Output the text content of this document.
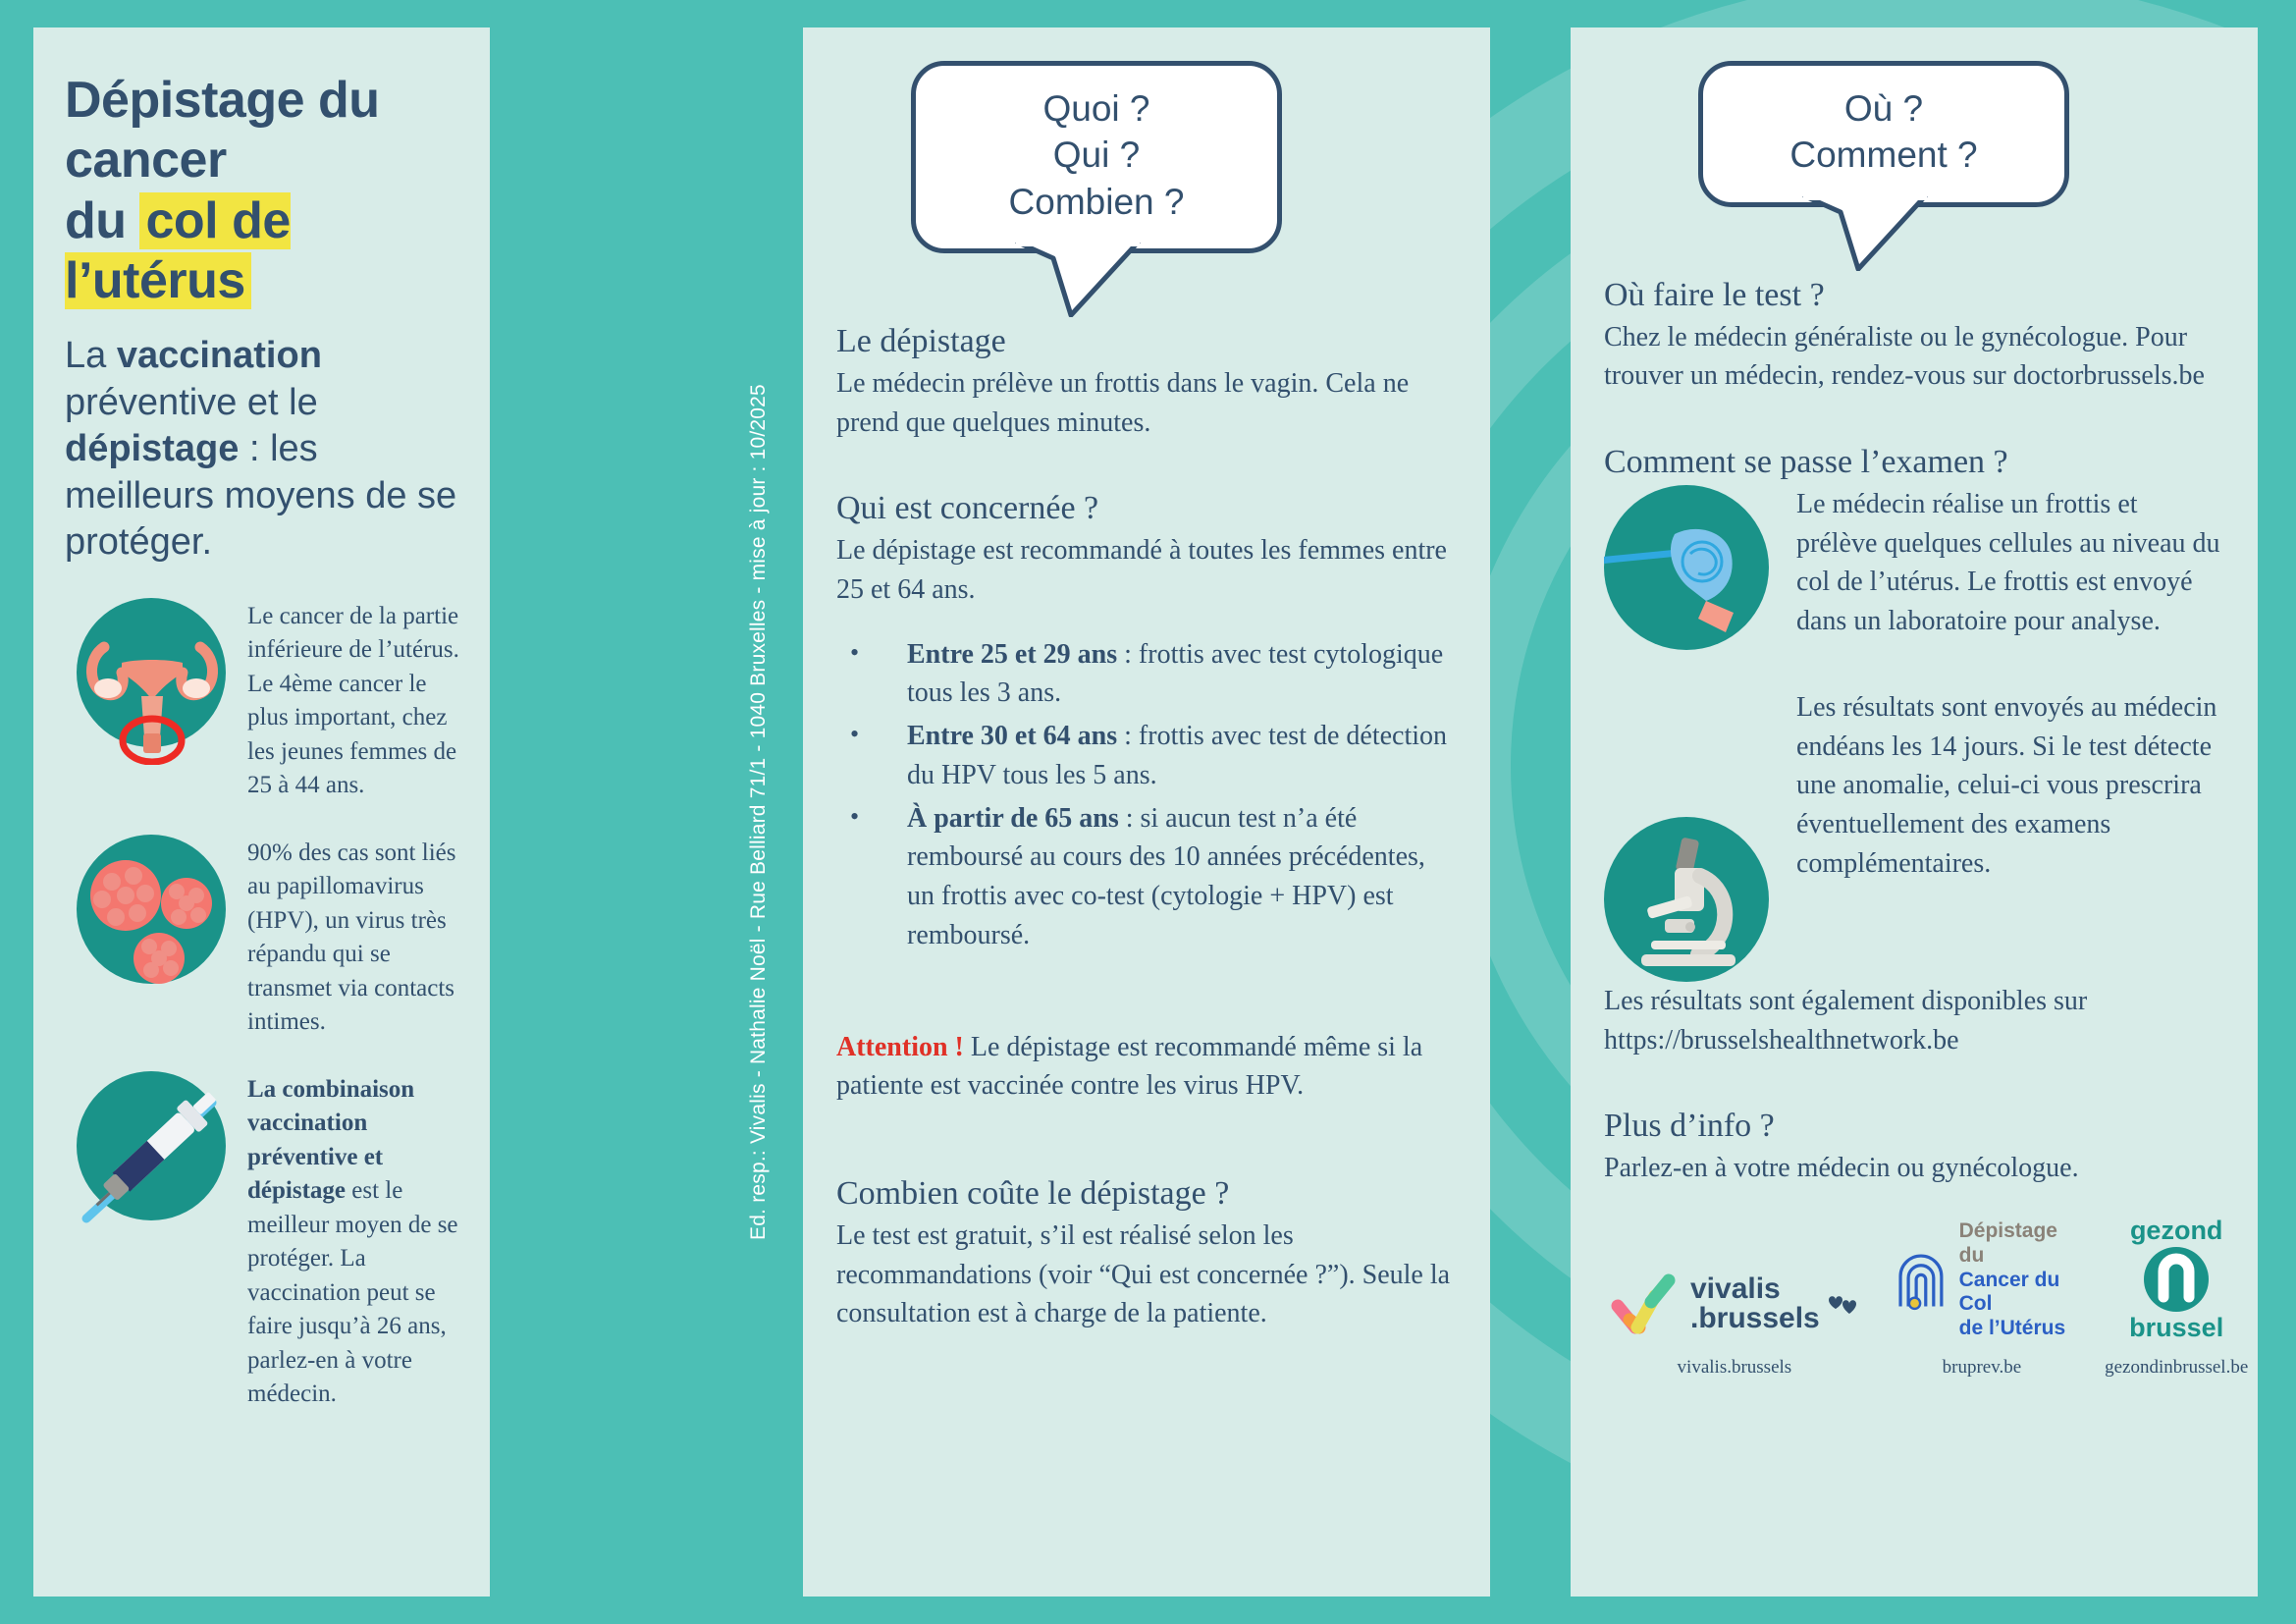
Dépistage du cancer
du col de l’utérus

La vaccination préventive et le dépistage : les meilleurs moyens de se protéger.

Le cancer de la partie inférieure de l’utérus. Le 4ème cancer le plus important, chez les jeunes femmes de 25 à 44 ans.
90% des cas sont liés au papillomavirus (HPV), un virus très répandu qui se transmet via contacts intimes.
La combinaison vaccination préventive et dépistage est le meilleur moyen de se protéger. La vaccination peut se faire jusqu’à 26 ans, parlez-en à votre médecin.
Ed. resp.: Vivalis - Nathalie Noël - Rue Belliard 71/1 - 1040 Bruxelles - mise à jour : 10/2025

Quoi ?

Qui ?

Combien ?

Le dépistage

Le médecin prélève un frottis dans le vagin. Cela ne prend que quelques minutes.

Qui est concernée ?

Le dépistage est recommandé à toutes les femmes entre 25 et 64 ans.

• Entre 25 et 29 ans : frottis avec test cytologique tous les 3 ans.
• Entre 30 et 64 ans : frottis avec test de détection du HPV tous les 5 ans.
• À partir de 65 ans : si aucun test n’a été remboursé au cours des 10 années précédentes, un frottis avec co-test (cytologie + HPV) est remboursé.

Attention ! Le dépistage est recommandé même si la patiente est vaccinée contre les virus HPV.

Combien coûte le dépistage ?

Le test est gratuit, s’il est réalisé selon les recommandations (voir “Qui est concernée ?”). Seule la consultation est à charge de la patiente.

Où ?

Comment ?

Où faire le test ?

Chez le médecin généraliste ou le gynécologue. Pour trouver un médecin, rendez-vous sur doctorbrussels.be

Comment se passe l’examen ?

Le médecin réalise un frottis et prélève quelques cellules au niveau du col de l’utérus. Le frottis est envoyé dans un laboratoire pour analyse.

Les résultats sont envoyés au médecin endéans les 14 jours. Si le test détecte une anomalie, celui-ci vous prescrira éventuellement des examens complémentaires.

Les résultats sont également disponibles sur https://brusselshealthnetwork.be

Plus d’info ?

Parlez-en à votre médecin ou gynécologue.

vivalis
.brussels
vivalis.brussels
Dépistage du
Cancer du Col
de l’Utérus
bruprev.be
gezond
brussel
gezondinbrussel.be
